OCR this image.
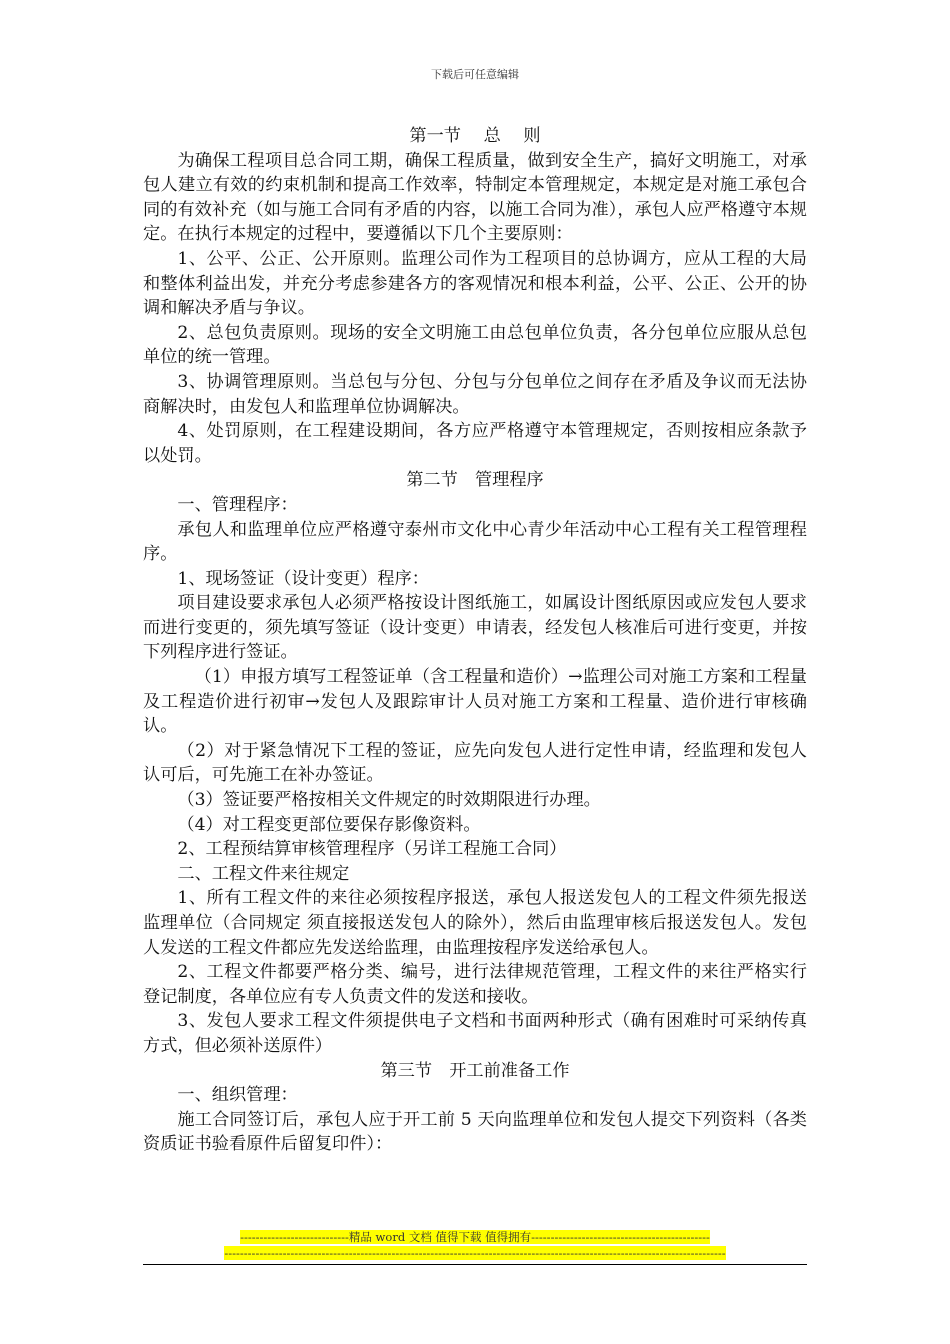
下载后可任意编辑
第一节　 总　 则

为确保工程项目总合同工期，确保工程质量，做到安全生产，搞好文明施工，对承包人建立有效的约束机制和提高工作效率，特制定本管理规定，本规定是对施工承包合同的有效补充（如与施工合同有矛盾的内容，以施工合同为准），承包人应严格遵守本规定。在执行本规定的过程中，要遵循以下几个主要原则：

1、公平、公正、公开原则。监理公司作为工程项目的总协调方，应从工程的大局和整体利益出发，并充分考虑参建各方的客观情况和根本利益，公平、公正、公开的协调和解决矛盾与争议。

2、总包负责原则。现场的安全文明施工由总包单位负责，各分包单位应服从总包单位的统一管理。

3、协调管理原则。当总包与分包、分包与分包单位之间存在矛盾及争议而无法协商解决时，由发包人和监理单位协调解决。

4、处罚原则，在工程建设期间，各方应严格遵守本管理规定，否则按相应条款予以处罚。

第二节　管理程序

一、管理程序：

承包人和监理单位应严格遵守泰州市文化中心青少年活动中心工程有关工程管理程序。

1、现场签证（设计变更）程序：

项目建设要求承包人必须严格按设计图纸施工，如属设计图纸原因或应发包人要求而进行变更的，须先填写签证（设计变更）申请表，经发包人核准后可进行变更，并按下列程序进行签证。

（1）申报方填写工程签证单（含工程量和造价）→监理公司对施工方案和工程量及工程造价进行初审→发包人及跟踪审计人员对施工方案和工程量、造价进行审核确认。

（2）对于紧急情况下工程的签证，应先向发包人进行定性申请，经监理和发包人认可后，可先施工在补办签证。

（3）签证要严格按相关文件规定的时效期限进行办理。

（4）对工程变更部位要保存影像资料。

2、工程预结算审核管理程序（另详工程施工合同）

二、工程文件来往规定

1、所有工程文件的来往必须按程序报送，承包人报送发包人的工程文件须先报送监理单位（合同规定 须直接报送发包人的除外），然后由监理审核后报送发包人。发包人发送的工程文件都应先发送给监理，由监理按程序发送给承包人。

2、工程文件都要严格分类、编号，进行法律规范管理，工程文件的来往严格实行登记制度，各单位应有专人负责文件的发送和接收。

3、发包人要求工程文件须提供电子文档和书面两种形式（确有困难时可采纳传真方式，但必须补送原件）

第三节　开工前准备工作

一、组织管理：

施工合同签订后，承包人应于开工前 5 天向监理单位和发包人提交下列资料（各类资质证书验看原件后留复印件）：

----------------------------精品 word 文档 值得下载 值得拥有----------------------------------------------
---------------------------------------------------------------------------------------------------------------------------------
